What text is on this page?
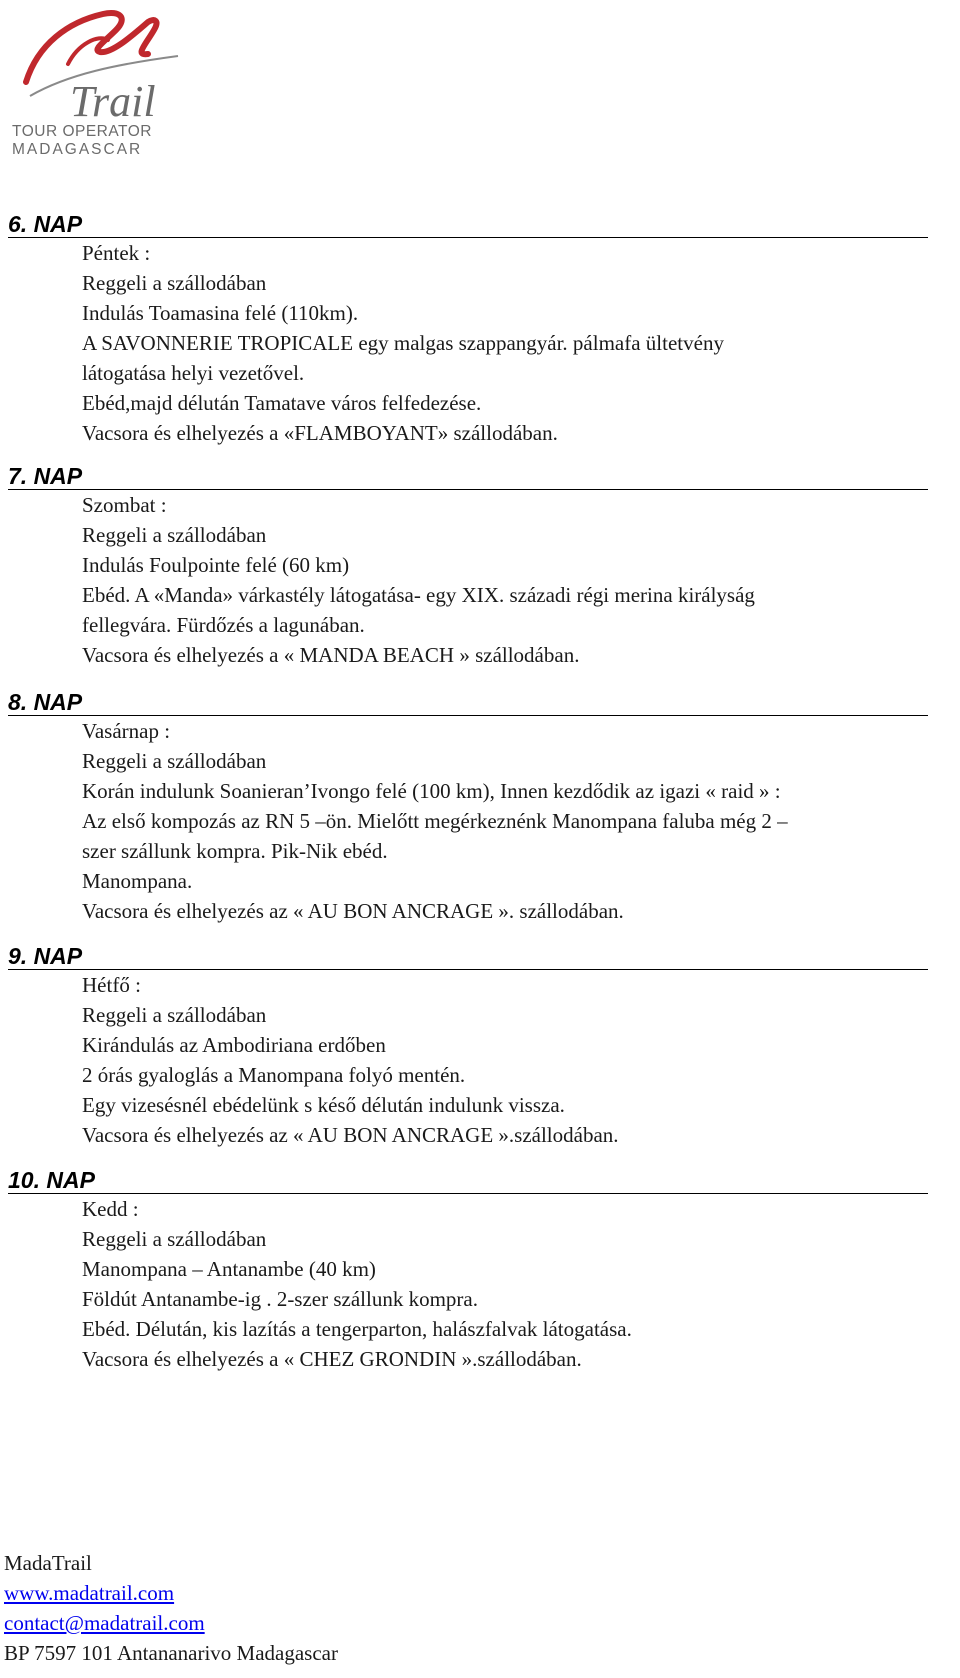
Trail
TOUR OPERATOR
MADAGASCAR
6. NAP
Péntek :
Reggeli a szállodában
Indulás Toamasina felé (110km).
A SAVONNERIE TROPICALE egy malgas szappangyár. pálmafa ültetvény
látogatása helyi vezetővel.
Ebéd,majd délután Tamatave város felfedezése.
Vacsora és elhelyezés a «FLAMBOYANT» szállodában.
7. NAP
Szombat :
Reggeli a szállodában
Indulás Foulpointe felé (60 km)
Ebéd. A «Manda» várkastély látogatása- egy XIX. századi régi merina királyság
fellegvára. Fürdőzés a lagunában.
Vacsora és elhelyezés a « MANDA BEACH » szállodában.
8. NAP
Vasárnap :
Reggeli a szállodában
Korán indulunk Soanieran’Ivongo felé (100 km), Innen kezdődik az igazi « raid » :
Az első kompozás az RN 5 –ön. Mielőtt megérkeznénk Manompana faluba még 2 –
szer szállunk kompra. Pik-Nik ebéd.
Manompana.
Vacsora és elhelyezés az « AU BON ANCRAGE ». szállodában.
9. NAP
Hétfő :
Reggeli a szállodában
Kirándulás az Ambodiriana erdőben
2 órás gyaloglás a Manompana folyó mentén.
Egy vizesésnél ebédelünk s késő délután indulunk vissza.
Vacsora és elhelyezés az « AU BON ANCRAGE ».szállodában.
10. NAP
Kedd :
Reggeli a szállodában
Manompana – Antanambe (40 km)
Földút Antanambe-ig . 2-szer szállunk kompra.
Ebéd. Délután, kis lazítás a tengerparton, halászfalvak látogatása.
Vacsora és elhelyezés a « CHEZ GRONDIN ».szállodában.
MadaTrail
www.madatrail.com
contact@madatrail.com
BP 7597 101 Antananarivo Madagascar
